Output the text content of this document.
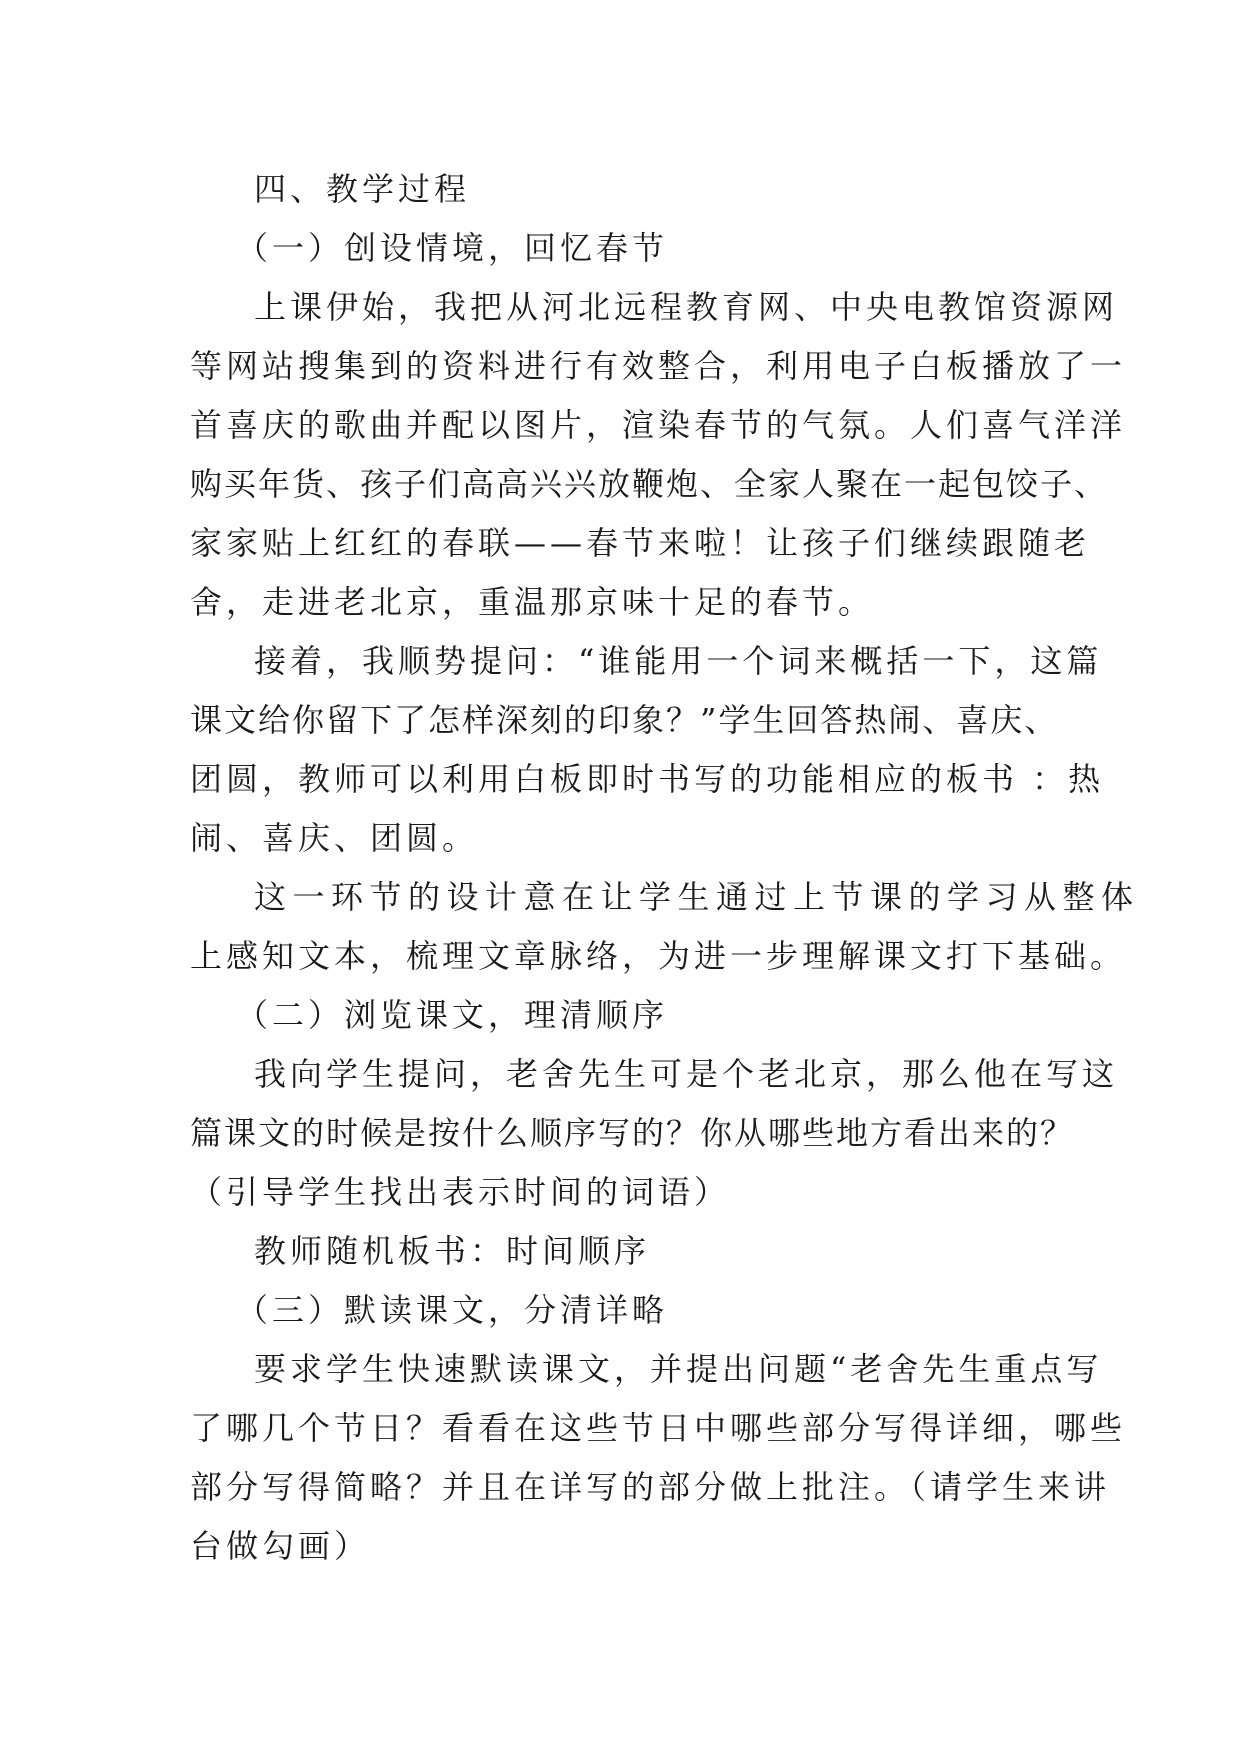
四、教学过程
（一）创设情境，回忆春节
上课伊始，我把从河北远程教育网、中央电教馆资源网
等网站搜集到的资料进行有效整合，利用电子白板播放了一
首喜庆的歌曲并配以图片，渲染春节的气氛。人们喜气洋洋
购买年货、孩子们高高兴兴放鞭炮、全家人聚在一起包饺子、
家家贴上红红的春联——春节来啦！让孩子们继续跟随老
舍，走进老北京，重温那京味十足的春节。
接着，我顺势提问：“谁能用一个词来概括一下，这篇
课文给你留下了怎样深刻的印象？”学生回答热闹、喜庆、
团圆，教师可以利用白板即时书写的功能相应的板书 ：热
闹、喜庆、团圆。
这一环节的设计意在让学生通过上节课的学习从整体
上感知文本，梳理文章脉络，为进一步理解课文打下基础。
（二）浏览课文，理清顺序
我向学生提问，老舍先生可是个老北京，那么他在写这
篇课文的时候是按什么顺序写的？你从哪些地方看出来的？
（引导学生找出表示时间的词语）
教师随机板书：时间顺序
（三）默读课文，分清详略
要求学生快速默读课文，并提出问题“老舍先生重点写
了哪几个节日？看看在这些节日中哪些部分写得详细，哪些
部分写得简略？并且在详写的部分做上批注。（请学生来讲
台做勾画）
